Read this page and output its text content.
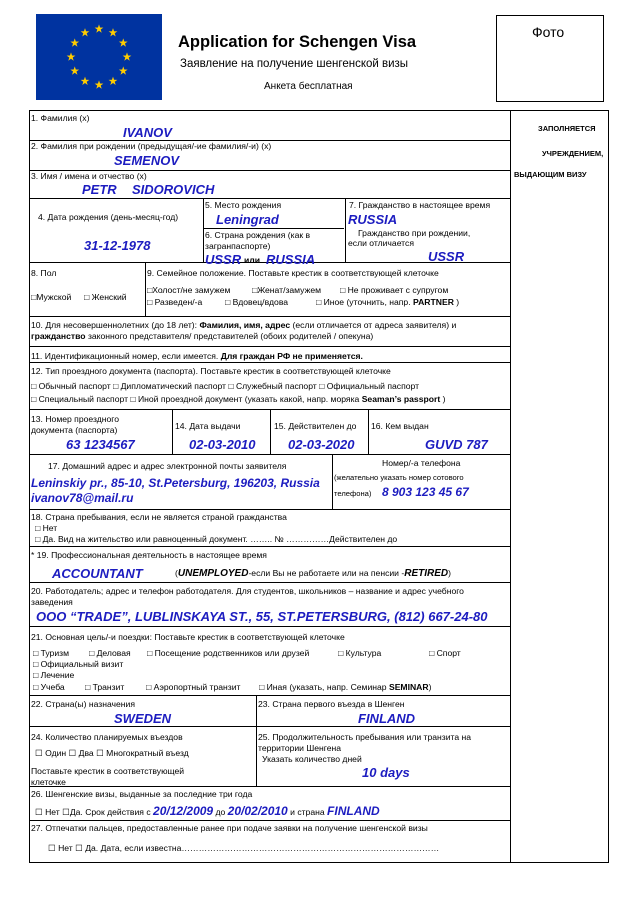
Application for Schengen Visa
Заявление на получение шенгенской визы
Анкета бесплатная
Фото
ЗАПОЛНЯЕТСЯ
УЧРЕЖДЕНИЕМ,
ВЫДАЮЩИМ ВИЗУ
1. Фамилия (x)
IVANOV
2. Фамилия при рождении (предыдущая/-ие фамилия/-и) (x)
SEMENOV
3. Имя / имена и отчество (x)
PETR SIDOROVICH
4. Дата рождения (день-месяц-год)
31-12-1978
5. Место рождения
Leningrad
6. Страна рождения (как в
загранпаспорте)
USSR или RUSSIA
7. Гражданство в настоящее время
RUSSIA
Гражданство при рождении,
если отличается
USSR
8. Пол
□Мужской □ Женский
9. Семейное положение. Поставьте крестик в соответствующей клеточке
□Холост/не замужем	□Женат/замужем □ Не проживает с супругом
□ Разведен/-а	□ Вдовец/вдова	□ Иное (уточнить, напр. PARTNER )
10. Для несовершеннолетних (до 18 лет): Фамилия, имя, адрес (если отличается от адреса заявителя) и
гражданство законного представителя/ представителей (обоих родителей / опекуна)
11. Идентификационный номер, если имеется. Для граждан РФ не применяется.
12. Тип проездного документа (паспорта). Поставьте крестик в соответствующей клеточке
□ Обычный паспорт □ Дипломатический паспорт □ Служебный паспорт □ Официальный паспорт
□ Специальный паспорт □ Иной проездной документ (указать какой, напр. моряка Seaman’s passport )
13. Номер проездного
документа (паспорта)
63 1234567
14. Дата выдачи
02-03-2010
15. Действителен до
02-03-2020
16. Кем выдан
GUVD 787
17. Домашний адрес и адрес электронной почты заявителя
Leninskiy pr., 85-10, St.Petersburg, 196203, Russia
ivanov78@mail.ru
Номер/-а телефона
(желательно указать номер сотового
телефона) 8 903 123 45 67
18. Страна пребывания, если не является страной гражданства
□ Нет
□ Да. Вид на жительство или равноценный документ. …….. № ……………Действителен до
* 19. Профессиональная деятельность в настоящее время
ACCOUNTANT	(UNEMPLOYED-если Вы не работаете или на пенсии -RETIRED)
20. Работодатель; адрес и телефон работодателя. Для студентов, школьников – название и адрес учебного
заведения
OOO “TRADE”, LUBLINSKAYA ST., 55, ST.PETERSBURG, (812) 667-24-80
21. Основная цель/-и поездки: Поставьте крестик в соответствующей клеточке
□ Туризм □ Деловая □ Посещение родственников или друзей	□ Культура	□ Спорт
□ Официальный визит
□ Лечение
□ Учеба □ Транзит	□ Аэропортный транзит □ Иная (указать, напр. Семинар SEMINAR)
22. Страна(ы) назначения
SWEDEN
23. Страна первого въезда в Шенген
FINLAND
24. Количество планируемых въездов
☐ Один ☐ Два ☐ Многократный въезд
Поставьте крестик в соответствующей
клеточке
25. Продолжительность пребывания или транзита на
территории Шенгена
Указать количество дней
10 days
26. Шенгенские визы, выданные за последние три года
☐ Нет ☐Да. Срок действия с 20/12/2009 до 20/02/2010 и страна FINLAND
27. Отпечатки пальцев, предоставленные ранее при подаче заявки на получение шенгенской визы
☐ Нет ☐ Да. Дата, если известна………………………………………………………………………………
